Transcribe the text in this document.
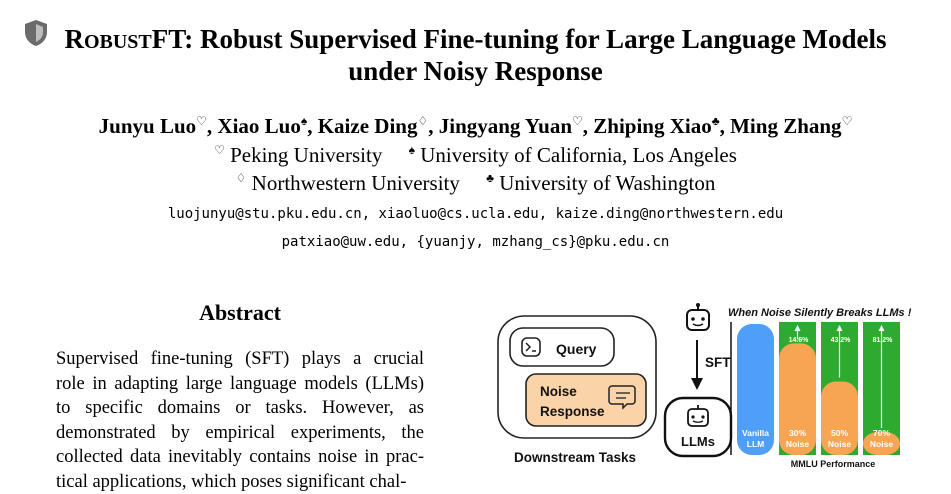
ROBUSTFT: Robust Supervised Fine-tuning for Large Language Models
under Noisy Response
Junyu Luo♡, Xiao Luo♠, Kaize Ding♢, Jingyang Yuan♡, Zhiping Xiao♣, Ming Zhang♡
♡ Peking University ♠ University of California, Los Angeles
♢ Northwestern University ♣ University of Washington
luojunyu@stu.pku.edu.cn, xiaoluo@cs.ucla.edu, kaize.ding@northwestern.edu
patxiao@uw.edu, {yuanjy, mzhang_cs}@pku.edu.cn
Abstract
Supervised fine-tuning (SFT) plays a crucial
role in adapting large language models (LLMs)
to specific domains or tasks. However, as
demonstrated by empirical experiments, the
collected data inevitably contains noise in prac-
tical applications, which poses significant chal-
Query
Noise
Response
Downstream Tasks
SFT
LLMs
When Noise Silently Breaks LLMs !
Vanilla
LLM
14.6%
30%
Noise
43.2%
50%
Noise
81.2%
70%
Noise
MMLU Performance
